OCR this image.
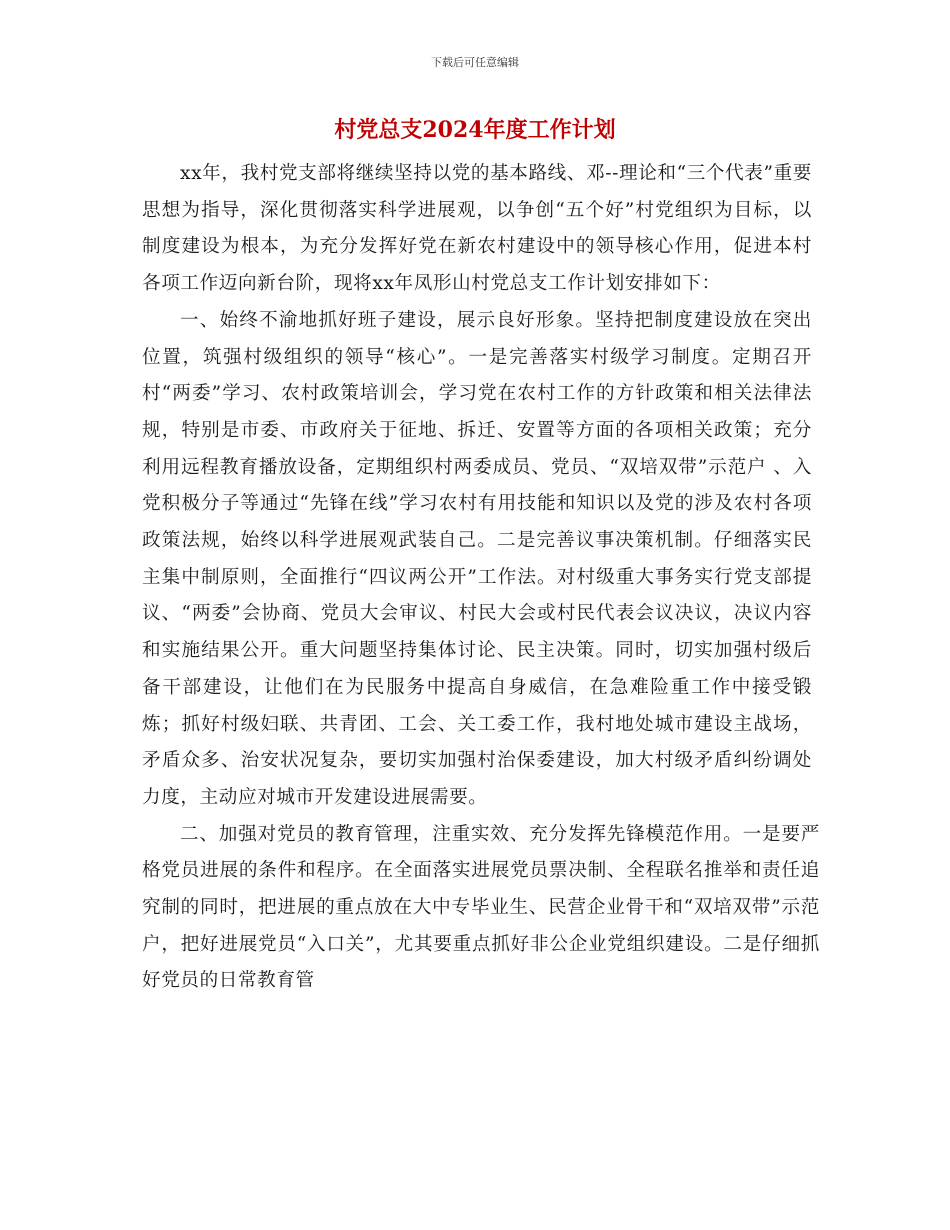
下载后可任意编辑
村党总支2024年度工作计划

xx年，我村党支部将继续坚持以党的基本路线、邓--理论和“三个代表”重要思想为指导，深化贯彻落实科学进展观，以争创“五个好”村党组织为目标，以制度建设为根本，为充分发挥好党在新农村建设中的领导核心作用，促进本村各项工作迈向新台阶，现将xx年凤形山村党总支工作计划安排如下：

一、始终不渝地抓好班子建设，展示良好形象。坚持把制度建设放在突出位置，筑强村级组织的领导“核心”。一是完善落实村级学习制度。定期召开村“两委”学习、农村政策培训会，学习党在农村工作的方针政策和相关法律法规，特别是市委、市政府关于征地、拆迁、安置等方面的各项相关政策；充分利用远程教育播放设备，定期组织村两委成员、党员、“双培双带”示范户 、入党积极分子等通过“先锋在线”学习农村有用技能和知识以及党的涉及农村各项政策法规，始终以科学进展观武装自己。二是完善议事决策机制。仔细落实民主集中制原则，全面推行“四议两公开”工作法。对村级重大事务实行党支部提议、“两委”会协商、党员大会审议、村民大会或村民代表会议决议，决议内容和实施结果公开。重大问题坚持集体讨论、民主决策。同时，切实加强村级后备干部建设，让他们在为民服务中提高自身威信，在急难险重工作中接受锻炼；抓好村级妇联、共青团、工会、关工委工作，我村地处城市建设主战场，矛盾众多、治安状况复杂，要切实加强村治保委建设，加大村级矛盾纠纷调处力度，主动应对城市开发建设进展需要。

二、加强对党员的教育管理，注重实效、充分发挥先锋模范作用。一是要严格党员进展的条件和程序。在全面落实进展党员票决制、全程联名推举和责任追究制的同时，把进展的重点放在大中专毕业生、民营企业骨干和“双培双带”示范户，把好进展党员“入口关”，尤其要重点抓好非公企业党组织建设。二是仔细抓好党员的日常教育管
